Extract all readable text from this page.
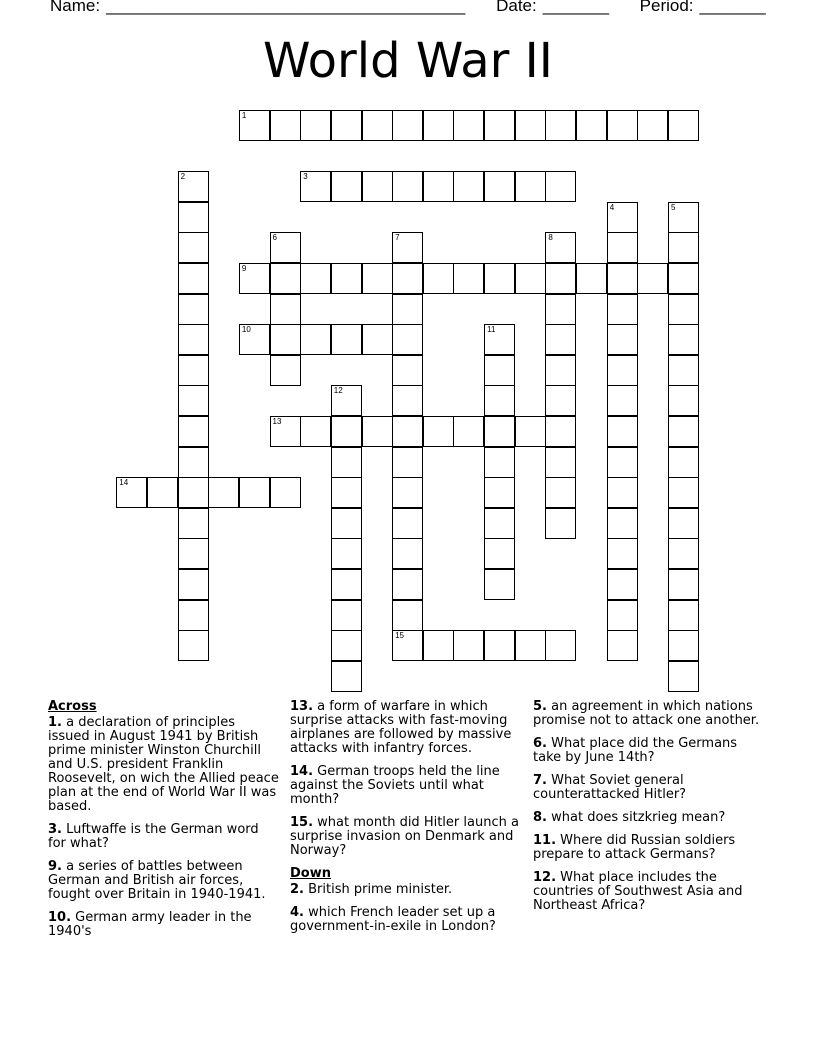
Name: ______________________________________ Date: _______ Period: _______
World War II
1
2	3
4	5
6	7	8
9
10	11
12
13
14
15
Across
1. a declaration of principles issued in August 1941 by British prime minister Winston Churchill and U.S. president Franklin Roosevelt, on wich the Allied peace plan at the end of World War II was based.
3. Luftwaffe is the German word for what?
9. a series of battles between German and British air forces, fought over Britain in 1940-1941.
10. German army leader in the 1940's
13. a form of warfare in which surprise attacks with fast-moving airplanes are followed by massive attacks with infantry forces.
14. German troops held the line against the Soviets until what month?
15. what month did Hitler launch a surprise invasion on Denmark and Norway?
Down
2. British prime minister.
4. which French leader set up a government-in-exile in London?
5. an agreement in which nations promise not to attack one another.
6. What place did the Germans take by June 14th?
7. What Soviet general counterattacked Hitler?
8. what does sitzkrieg mean?
11. Where did Russian soldiers prepare to attack Germans?
12. What place includes the countries of Southwest Asia and Northeast Africa?
